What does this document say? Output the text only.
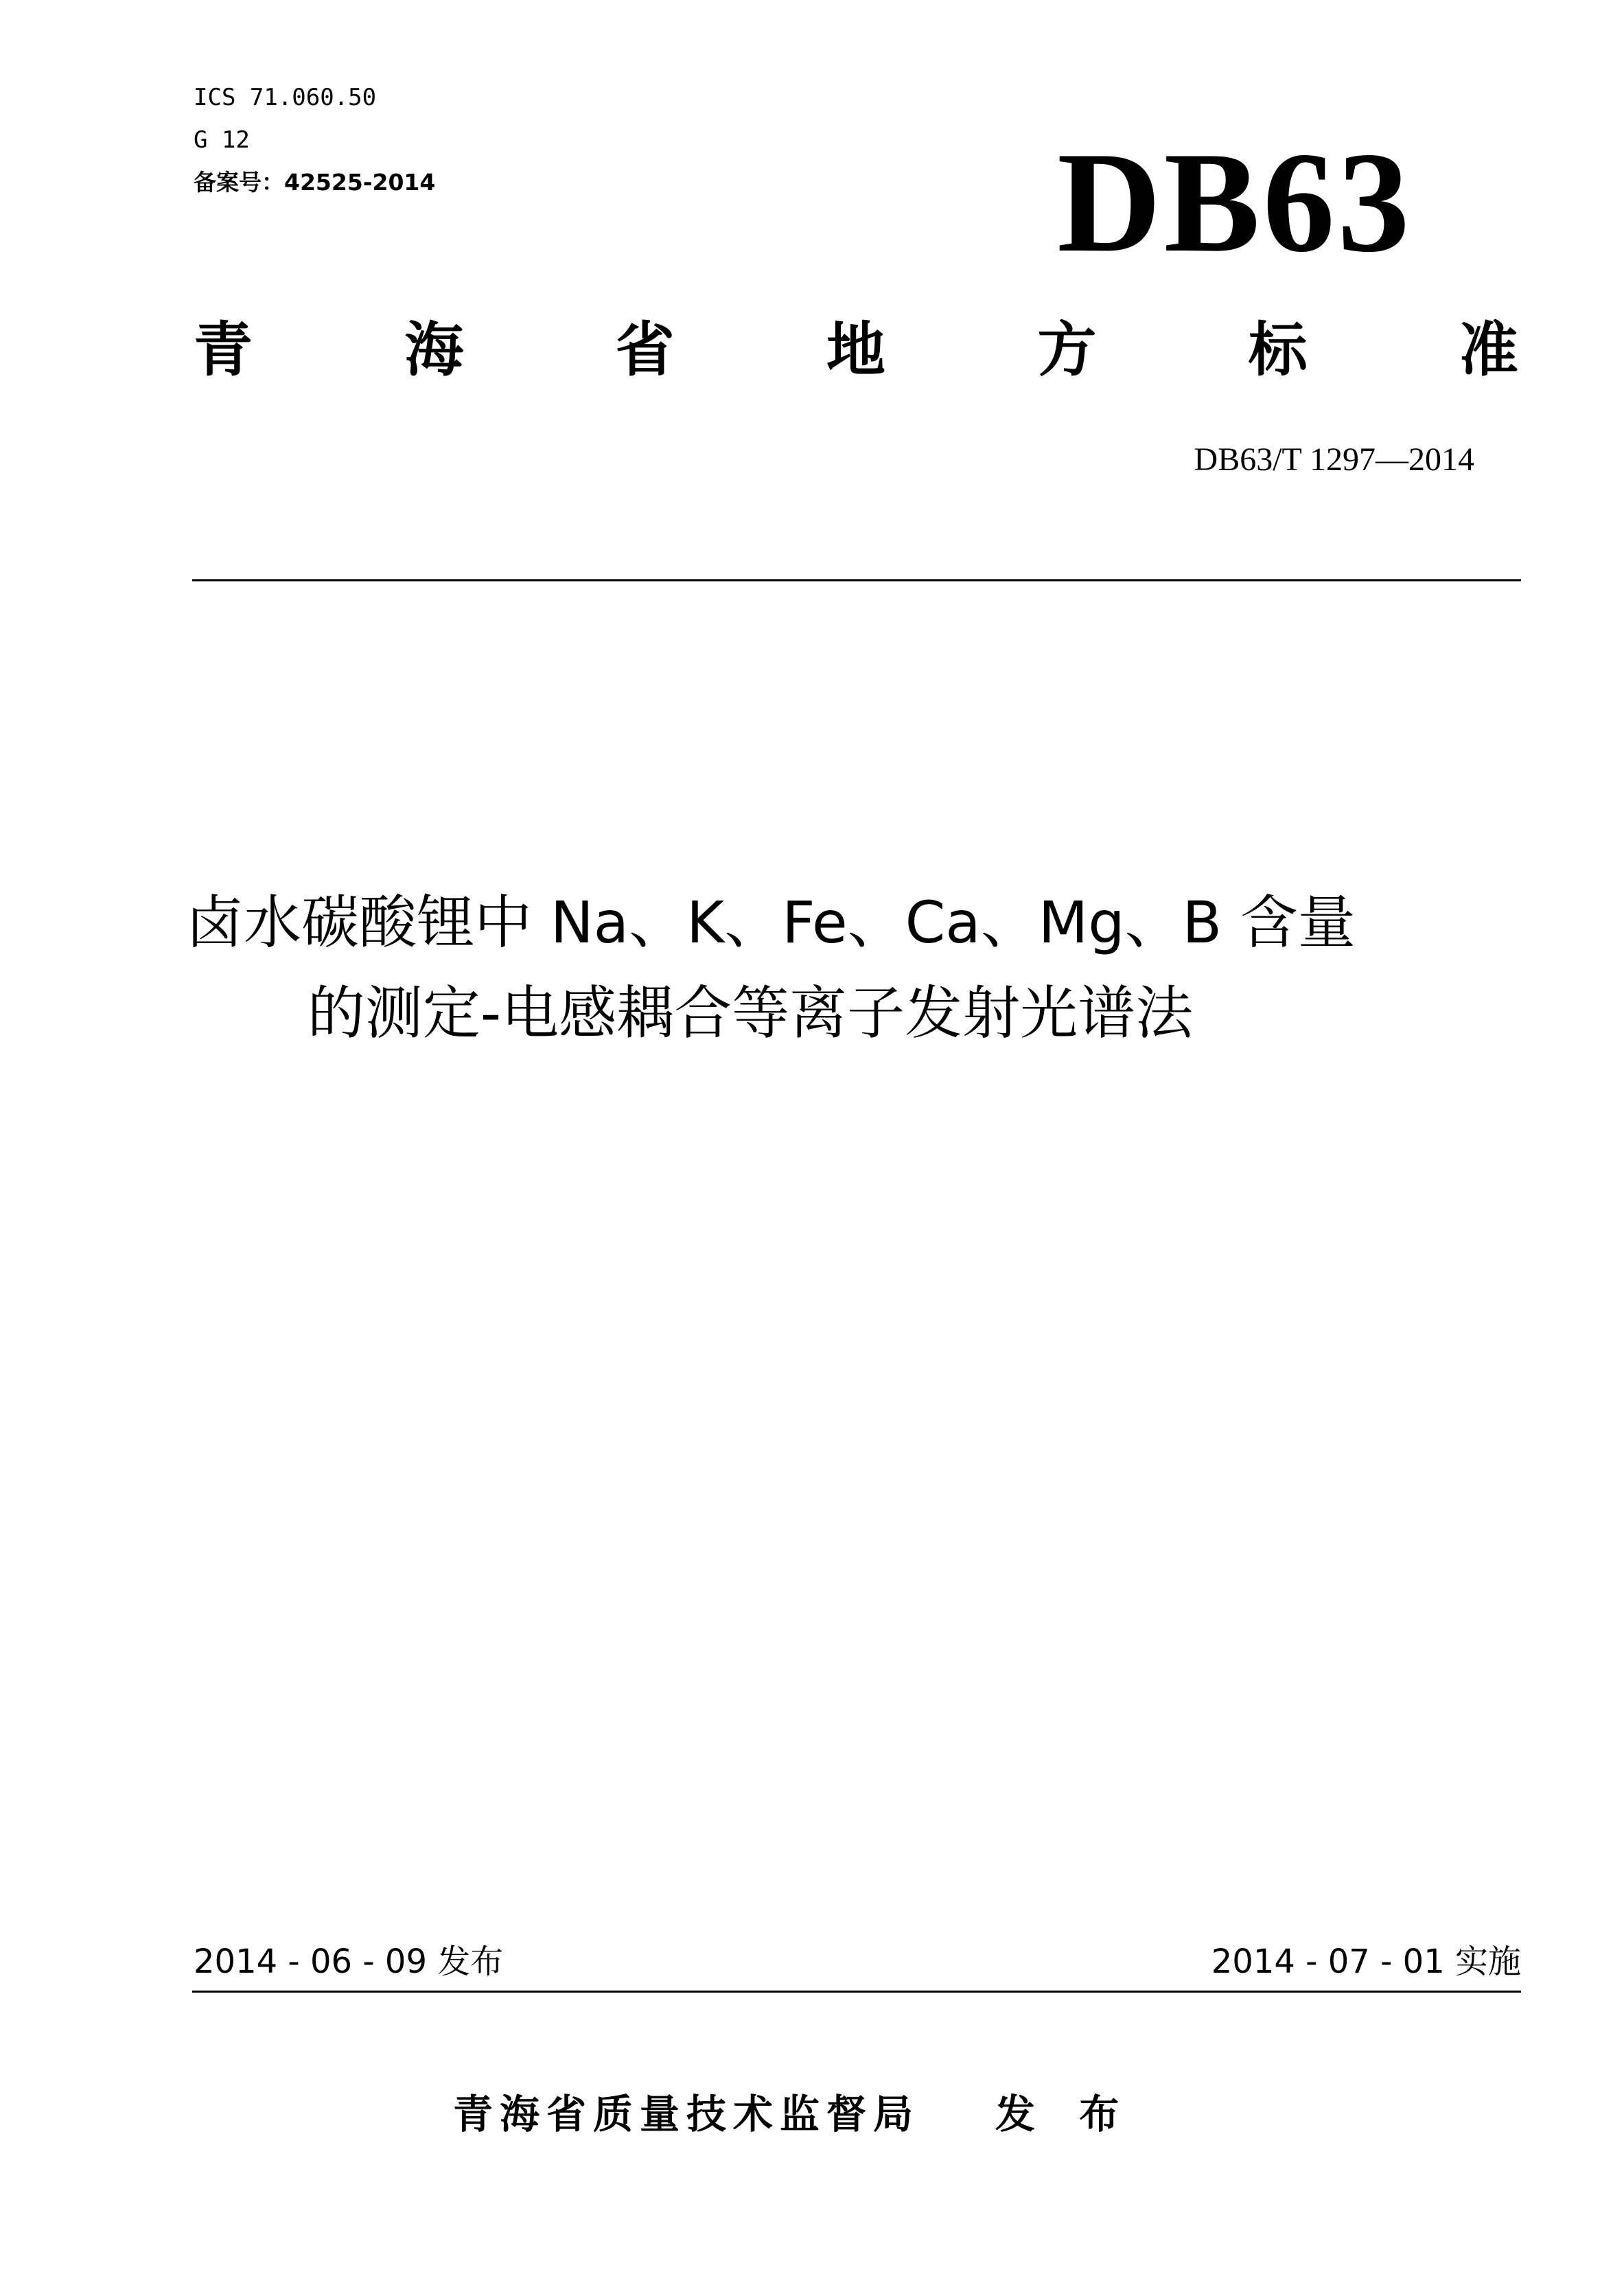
ICS 71.060.50
G 12
备案号：42525-2014	DB63
青	海	省	地	方	标	准
DB63/T 1297—2014
卤水碳酸锂中 Na、K、Fe、Ca、Mg、B 含量
的测定-电感耦合等离子发射光谱法
2014 - 06 - 09 发布	2014 - 07 - 01 实施
青海省质量技术监督局 发 布
